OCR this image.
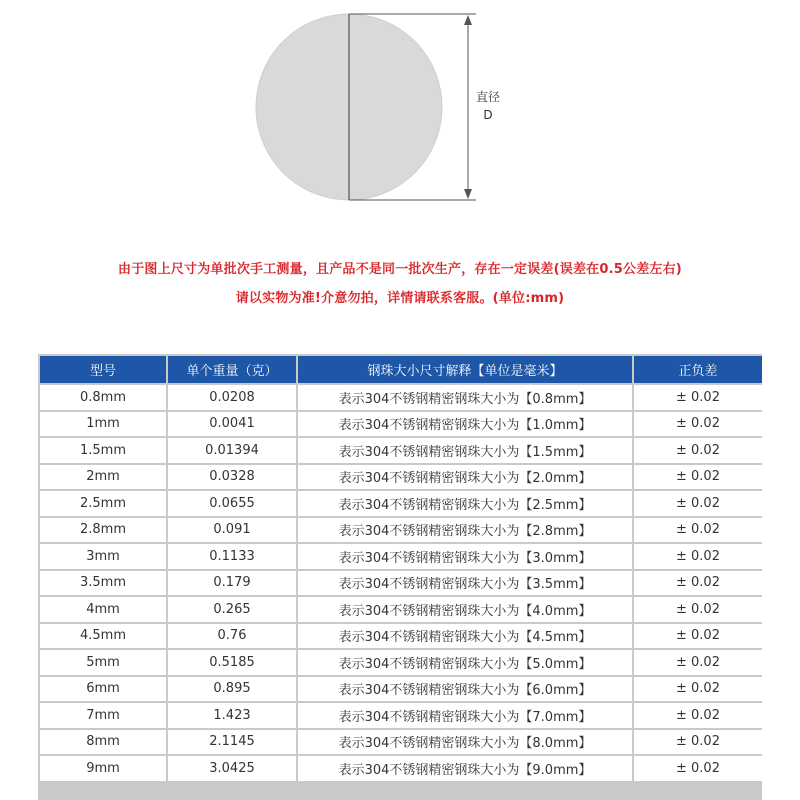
直径
D
由于图上尺寸为单批次手工测量，且产品不是同一批次生产，存在一定误差(误差在0.5公差左右)
请以实物为准!介意勿拍，详情请联系客服。(单位:mm)
型号	单个重量（克）	钢珠大小尺寸解释【单位是毫米】	正负差
0.8mm	0.0208	表示304不锈钢精密钢珠大小为【0.8mm】	± 0.02
1mm	0.0041	表示304不锈钢精密钢珠大小为【1.0mm】	± 0.02
1.5mm	0.01394	表示304不锈钢精密钢珠大小为【1.5mm】	± 0.02
2mm	0.0328	表示304不锈钢精密钢珠大小为【2.0mm】	± 0.02
2.5mm	0.0655	表示304不锈钢精密钢珠大小为【2.5mm】	± 0.02
2.8mm	0.091	表示304不锈钢精密钢珠大小为【2.8mm】	± 0.02
3mm	0.1133	表示304不锈钢精密钢珠大小为【3.0mm】	± 0.02
3.5mm	0.179	表示304不锈钢精密钢珠大小为【3.5mm】	± 0.02
4mm	0.265	表示304不锈钢精密钢珠大小为【4.0mm】	± 0.02
4.5mm	0.76	表示304不锈钢精密钢珠大小为【4.5mm】	± 0.02
5mm	0.5185	表示304不锈钢精密钢珠大小为【5.0mm】	± 0.02
6mm	0.895	表示304不锈钢精密钢珠大小为【6.0mm】	± 0.02
7mm	1.423	表示304不锈钢精密钢珠大小为【7.0mm】	± 0.02
8mm	2.1145	表示304不锈钢精密钢珠大小为【8.0mm】	± 0.02
9mm	3.0425	表示304不锈钢精密钢珠大小为【9.0mm】	± 0.02
